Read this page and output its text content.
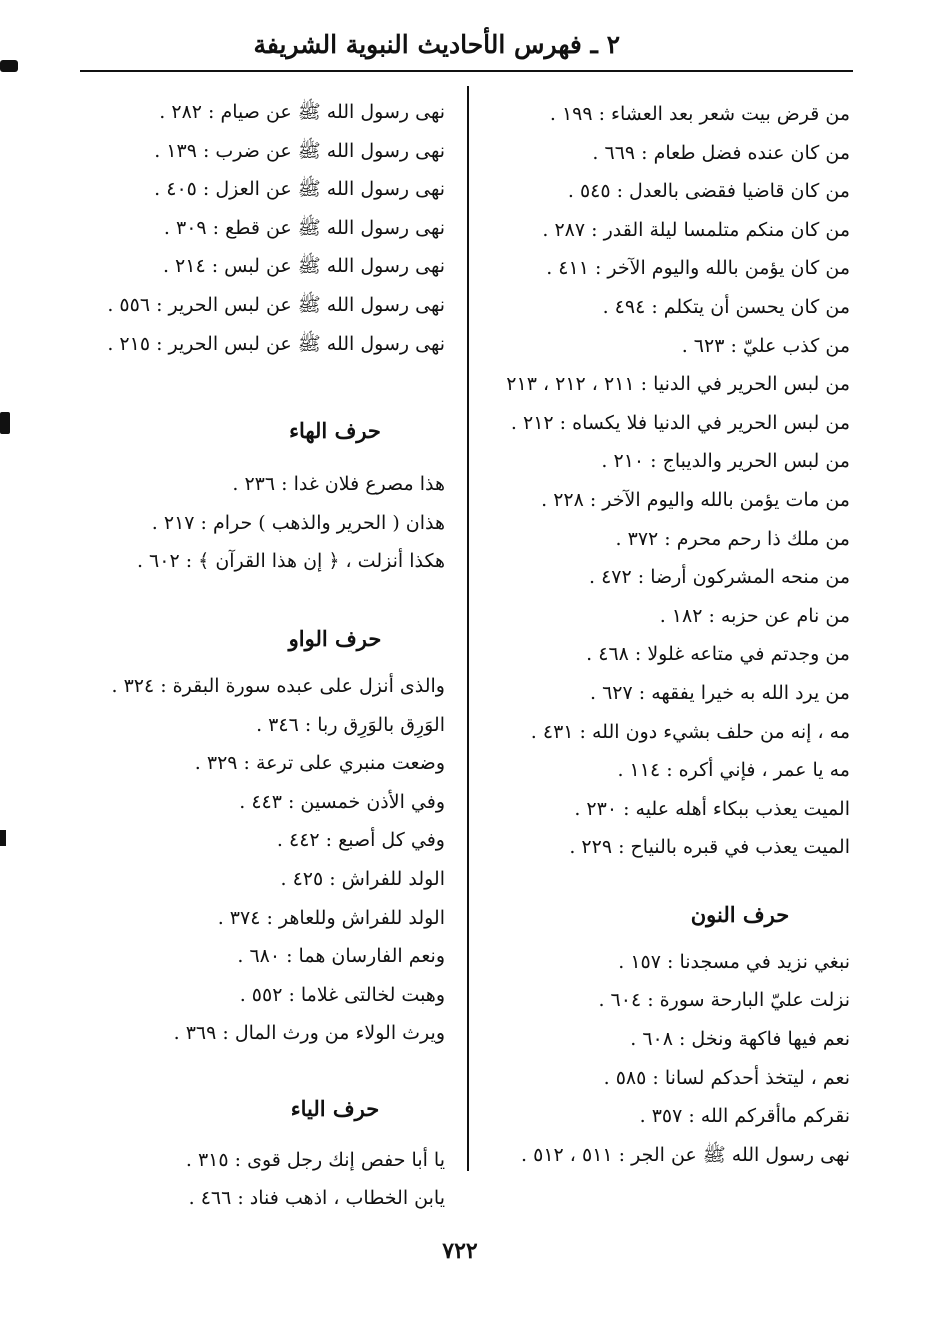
٢ ـ فهرس الأحاديث النبوية الشريفة
من قرض بيت شعر بعد العشاء : ١٩٩ .
من كان عنده فضل طعام : ٦٦٩ .
من كان قاضيا فقضى بالعدل : ٥٤٥ .
من كان منكم متلمسا ليلة القدر : ٢٨٧ .
من كان يؤمن بالله واليوم الآخر : ٤١١ .
من كان يحسن أن يتكلم : ٤٩٤ .
من كذب عليّ : ٦٢٣ .
من لبس الحرير في الدنيا : ٢١١ ، ٢١٢ ، ٢١٣
من لبس الحرير في الدنيا فلا يكساه : ٢١٢ .
من لبس الحرير والديباج : ٢١٠ .
من مات يؤمن بالله واليوم الآخر : ٢٢٨ .
من ملك ذا رحم محرم : ٣٧٢ .
من منحه المشركون أرضا : ٤٧٢ .
من نام عن حزبه : ١٨٢ .
من وجدتم في متاعه غلولا : ٤٦٨ .
من يرد الله به خيرا يفقهه : ٦٢٧ .
مه ، إنه من حلف بشيء دون الله : ٤٣١ .
مه يا عمر ، فإني أكره : ١١٤ .
الميت يعذب ببكاء أهله عليه : ٢٣٠ .
الميت يعذب في قبره بالنياح : ٢٢٩ .
حرف النون
نبغي نزيد في مسجدنا : ١٥٧ .
نزلت عليّ البارحة سورة : ٦٠٤ .
نعم فيها فاكهة ونخل : ٦٠٨ .
نعم ، ليتخذ أحدكم لسانا : ٥٨٥ .
نقركم ماأقركم الله : ٣٥٧ .
نهى رسول الله ﷺ عن الجر : ٥١١ ، ٥١٢ .
نهى رسول الله ﷺ عن صيام : ٢٨٢ .
نهى رسول الله ﷺ عن ضرب : ١٣٩ .
نهى رسول الله ﷺ عن العزل : ٤٠٥ .
نهى رسول الله ﷺ عن قطع : ٣٠٩ .
نهى رسول الله ﷺ عن لبس : ٢١٤ .
نهى رسول الله ﷺ عن لبس الحرير : ٥٥٦ .
نهى رسول الله ﷺ عن لبس الحرير : ٢١٥ .
حرف الهاء
هذا مصرع فلان غدا : ٢٣٦ .
هذان ( الحرير والذهب ) حرام : ٢١٧ .
هكذا أنزلت ، ﴿ إن هذا القرآن ﴾ : ٦٠٢ .
حرف الواو
والذى أنزل على عبده سورة البقرة : ٣٢٤ .
الوَرِق بالوَرِق ربا : ٣٤٦ .
وضعت منبري على ترعة : ٣٢٩ .
وفي الأذن خمسين : ٤٤٣ .
وفي كل أصبع : ٤٤٢ .
الولد للفراش : ٤٢٥ .
الولد للفراش وللعاهر : ٣٧٤ .
ونعم الفارسان هما : ٦٨٠ .
وهبت لخالتى غلاما : ٥٥٢ .
ويرث الولاء من ورث المال : ٣٦٩ .
حرف الياء
يا أبا حفص إنك رجل قوى : ٣١٥ .
يابن الخطاب ، اذهب فناد : ٤٦٦ .
٧٢٢
